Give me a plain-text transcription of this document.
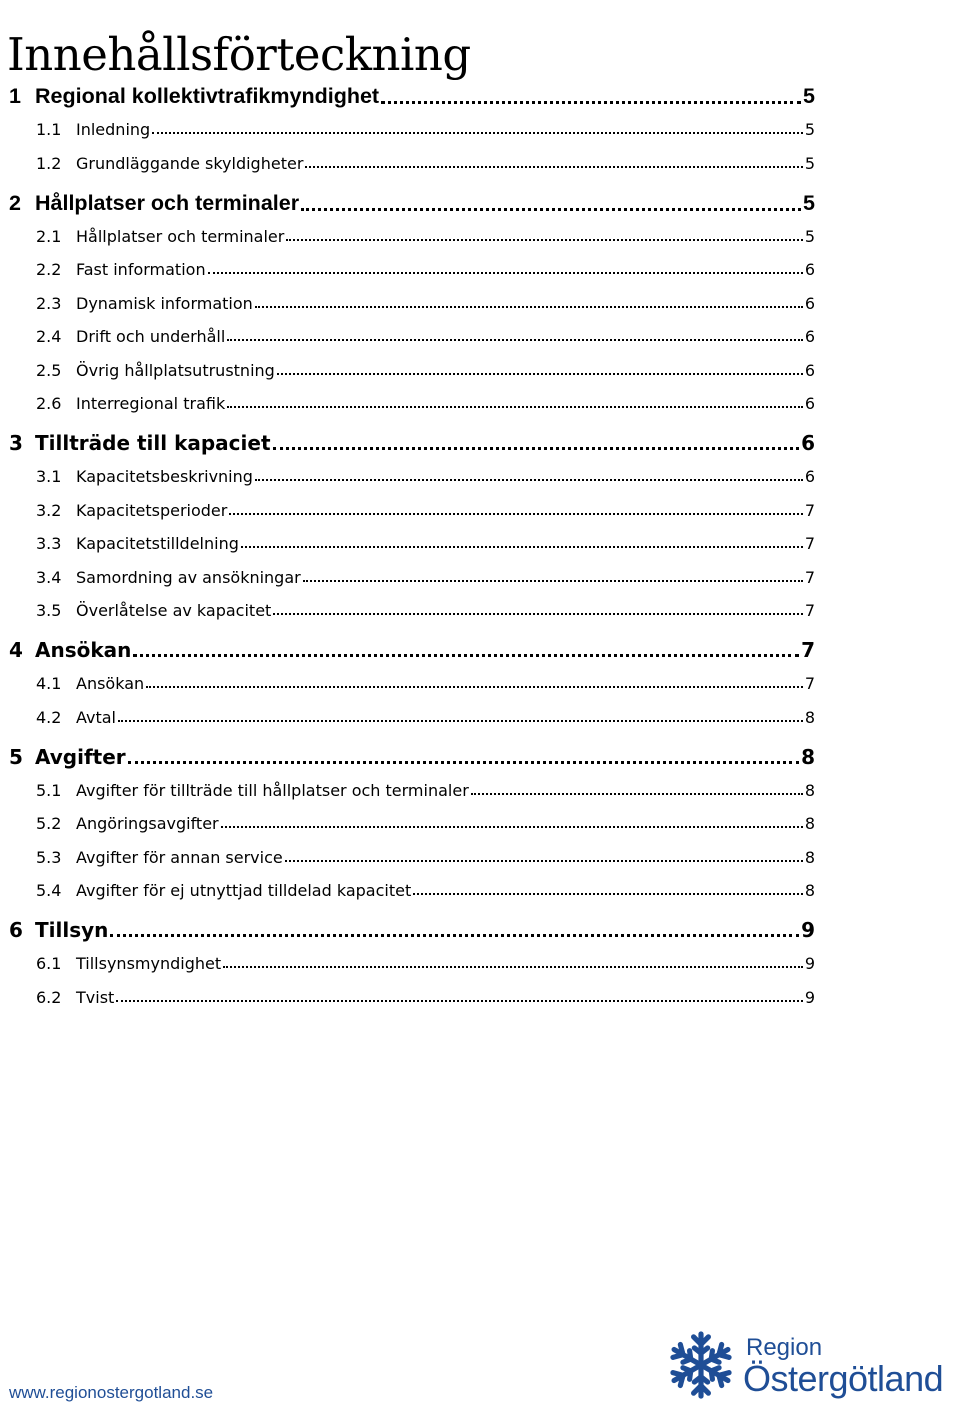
Innehållsförteckning
1 Regional kollektivtrafikmyndighet	5
1.1 Inledning	5
1.2 Grundläggande skyldigheter	5
2 Hållplatser och terminaler	5
2.1 Hållplatser och terminaler	5
2.2 Fast information	6
2.3 Dynamisk information	6
2.4 Drift och underhåll	6
2.5 Övrig hållplatsutrustning	6
2.6 Interregional trafik	6
3 Tillträde till kapaciet	6
3.1 Kapacitetsbeskrivning	6
3.2 Kapacitetsperioder	7
3.3 Kapacitetstilldelning	7
3.4 Samordning av ansökningar	7
3.5 Överlåtelse av kapacitet	7
4 Ansökan	7
4.1 Ansökan	7
4.2 Avtal	8
5 Avgifter	8
5.1 Avgifter för tillträde till hållplatser och terminaler	8
5.2 Angöringsavgifter	8
5.3 Avgifter för annan service	8
5.4 Avgifter för ej utnyttjad tilldelad kapacitet	8
6 Tillsyn	9
6.1 Tillsynsmyndighet	9
6.2 Tvist	9
www.regionostergotland.se
Region
Östergötland
